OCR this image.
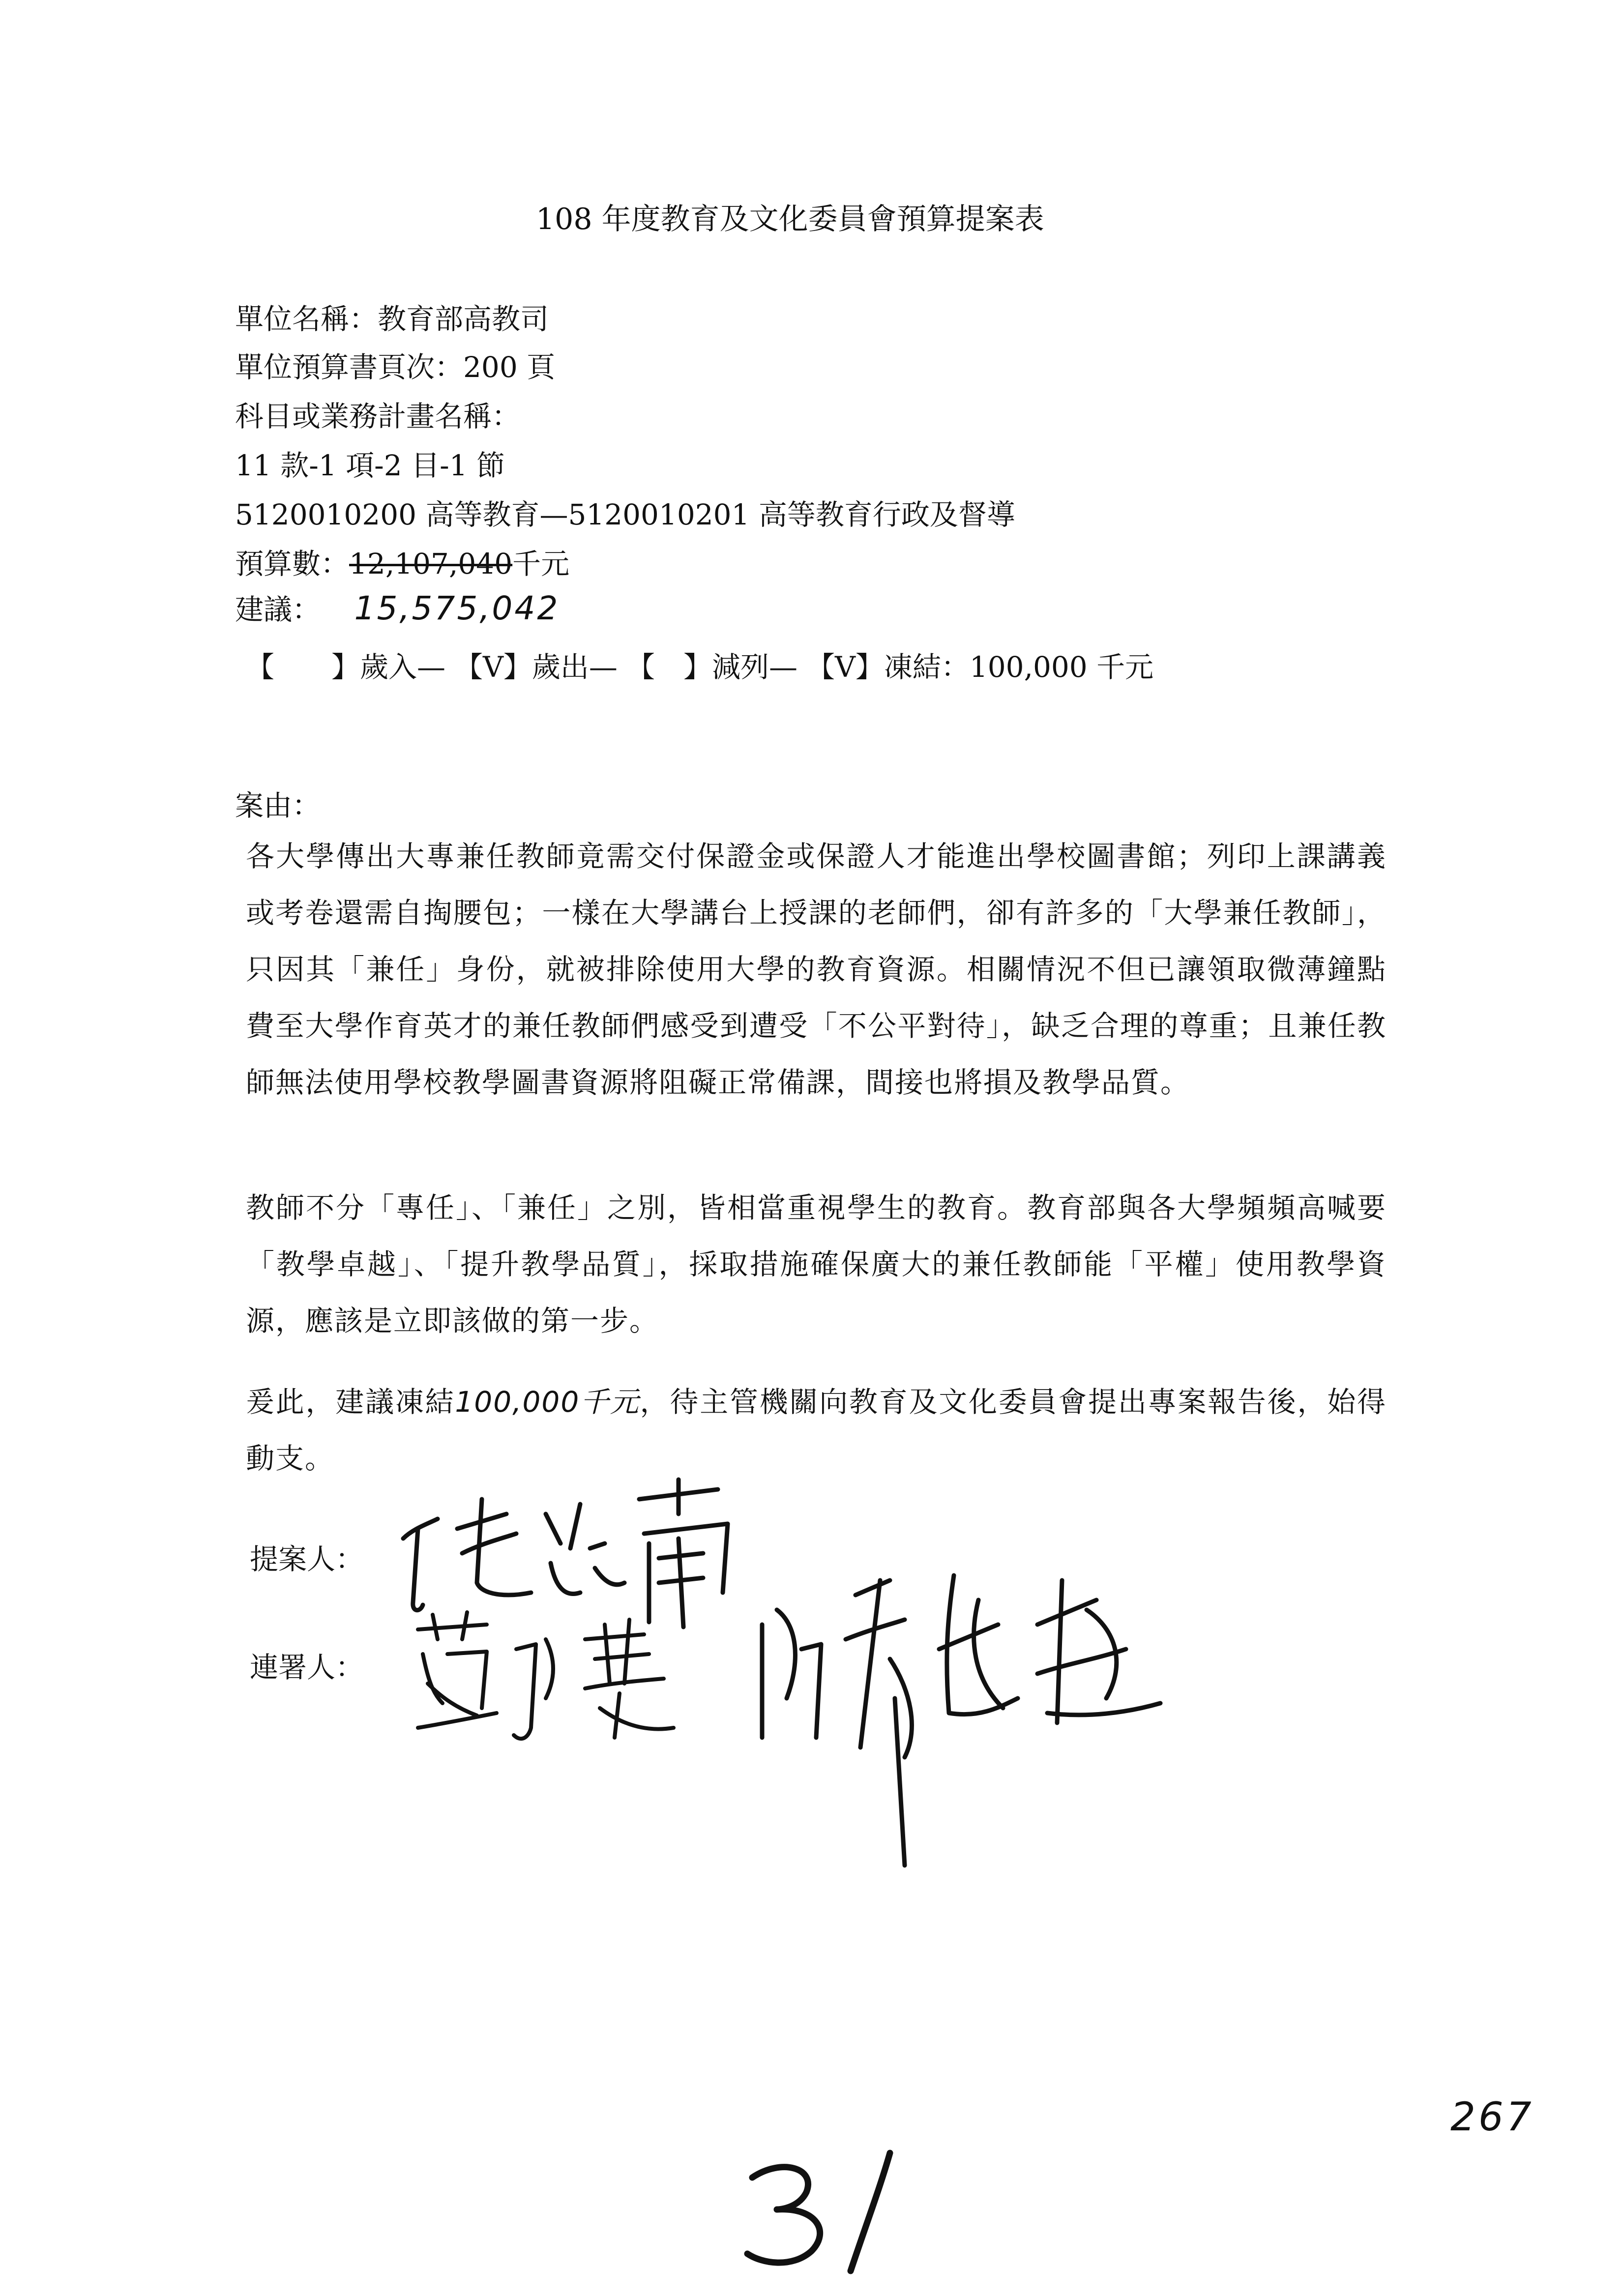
108 年度教育及文化委員會預算提案表
單位名稱：教育部高教司
單位預算書頁次：200 頁
科目或業務計畫名稱：
11 款-1 項-2 目-1 節
5120010200 高等教育—5120010201 高等教育行政及督導
預算數：12,107,040千元
建議： 15,575,042
【　　】歲入— 【V】歲出— 【　】減列— 【V】凍結：100,000 千元
案由：
各大學傳出大專兼任教師竟需交付保證金或保證人才能進出學校圖書館；列印上課講義或考卷還需自掏腰包；一樣在大學講台上授課的老師們，卻有許多的「大學兼任教師」，只因其「兼任」身份，就被排除使用大學的教育資源。相關情況不但已讓領取微薄鐘點費至大學作育英才的兼任教師們感受到遭受「不公平對待」，缺乏合理的尊重；且兼任教師無法使用學校教學圖書資源將阻礙正常備課，間接也將損及教學品質。
教師不分「專任」、「兼任」之別，皆相當重視學生的教育。教育部與各大學頻頻高喊要「教學卓越」、「提升教學品質」，採取措施確保廣大的兼任教師能「平權」使用教學資源，應該是立即該做的第一步。
爰此，建議凍結100,000千元，待主管機關向教育及文化委員會提出專案報告後，始得動支。
提案人：
連署人：
31
267
